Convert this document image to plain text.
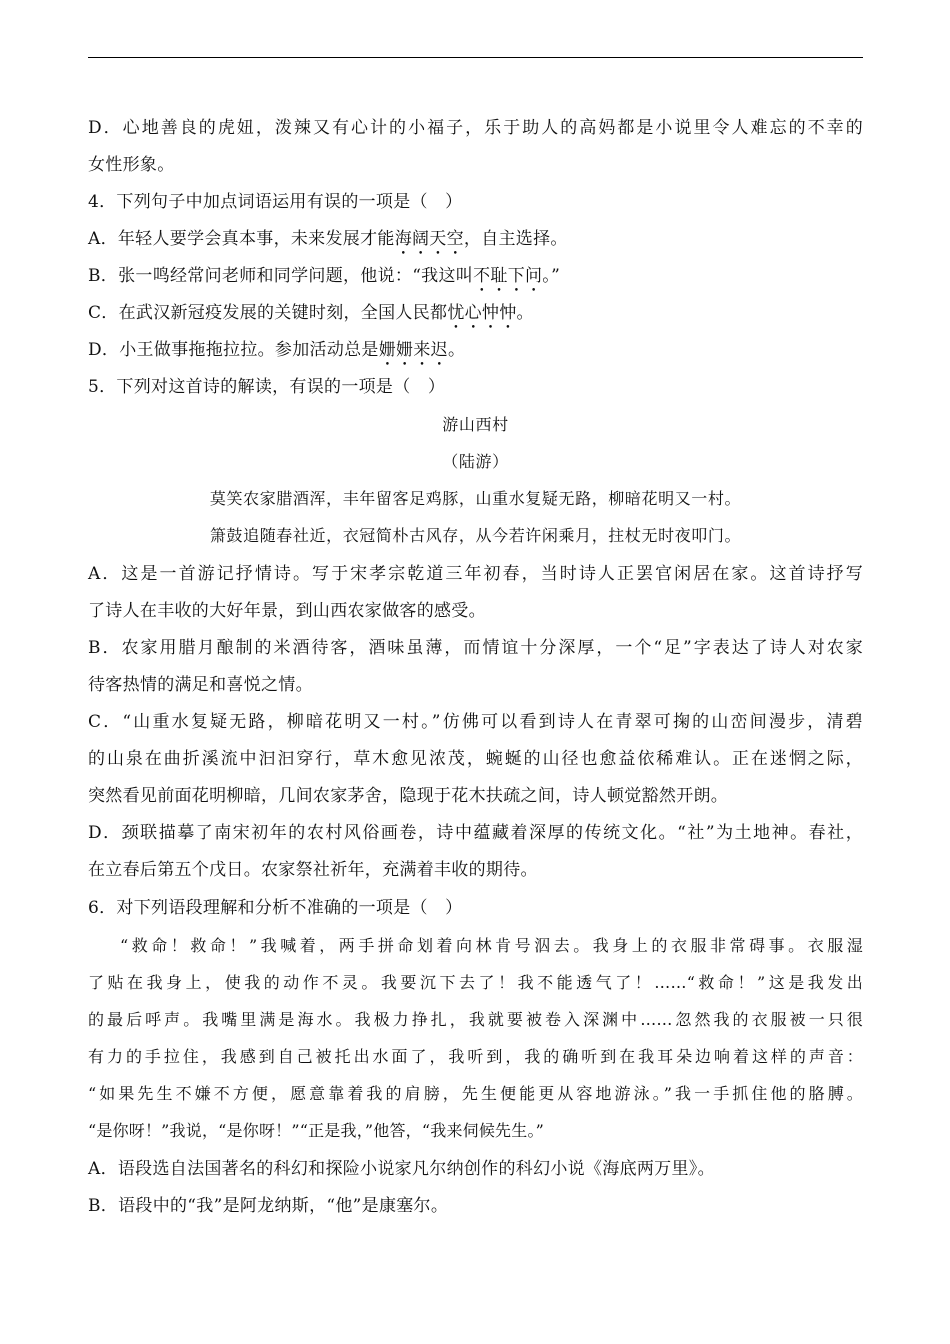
D．心地善良的虎妞，泼辣又有心计的小福子，乐于助人的高妈都是小说里令人难忘的不幸的
女性形象。
4．下列句子中加点词语运用有误的一项是（　）
A．年轻人要学会真本事，未来发展才能海阔天空，自主选择。
B．张一鸣经常问老师和同学问题，他说：“我这叫不耻下问。”
C．在武汉新冠疫发展的关键时刻，全国人民都忧心忡忡。
D．小王做事拖拖拉拉。参加活动总是姗姗来迟。
5．下列对这首诗的解读，有误的一项是（　）
游山西村
（陆游）
莫笑农家腊酒浑，丰年留客足鸡豚，山重水复疑无路，柳暗花明又一村。
箫鼓追随春社近，衣冠简朴古风存，从今若许闲乘月，拄杖无时夜叩门。
A．这是一首游记抒情诗。写于宋孝宗乾道三年初春，当时诗人正罢官闲居在家。这首诗抒写
了诗人在丰收的大好年景，到山西农家做客的感受。
B．农家用腊月酿制的米酒待客，酒味虽薄，而情谊十分深厚，一个“足”字表达了诗人对农家
待客热情的满足和喜悦之情。
C．“山重水复疑无路，柳暗花明又一村。”仿佛可以看到诗人在青翠可掬的山峦间漫步，清碧
的山泉在曲折溪流中汩汩穿行，草木愈见浓茂，蜿蜒的山径也愈益依稀难认。正在迷惘之际，
突然看见前面花明柳暗，几间农家茅舍，隐现于花木扶疏之间，诗人顿觉豁然开朗。
D．颈联描摹了南宋初年的农村风俗画卷，诗中蕴藏着深厚的传统文化。“社”为土地神。春社，
在立春后第五个戊日。农家祭社祈年，充满着丰收的期待。
6．对下列语段理解和分析不准确的一项是（　）
“救命！救命！”我喊着，两手拼命划着向林肯号泅去。我身上的衣服非常碍事。衣服湿
了贴在我身上，使我的动作不灵。我要沉下去了！我不能透气了！……“救命！”这是我发出
的最后呼声。我嘴里满是海水。我极力挣扎，我就要被卷入深渊中……忽然我的衣服被一只很
有力的手拉住，我感到自己被托出水面了，我听到，我的确听到在我耳朵边响着这样的声音：
“如果先生不嫌不方便，愿意靠着我的肩膀，先生便能更从容地游泳。”我一手抓住他的胳膊。
“是你呀！”我说，“是你呀！”“正是我，”他答，“我来伺候先生。”
A．语段选自法国著名的科幻和探险小说家凡尔纳创作的科幻小说《海底两万里》。
B．语段中的“我”是阿龙纳斯，“他”是康塞尔。
